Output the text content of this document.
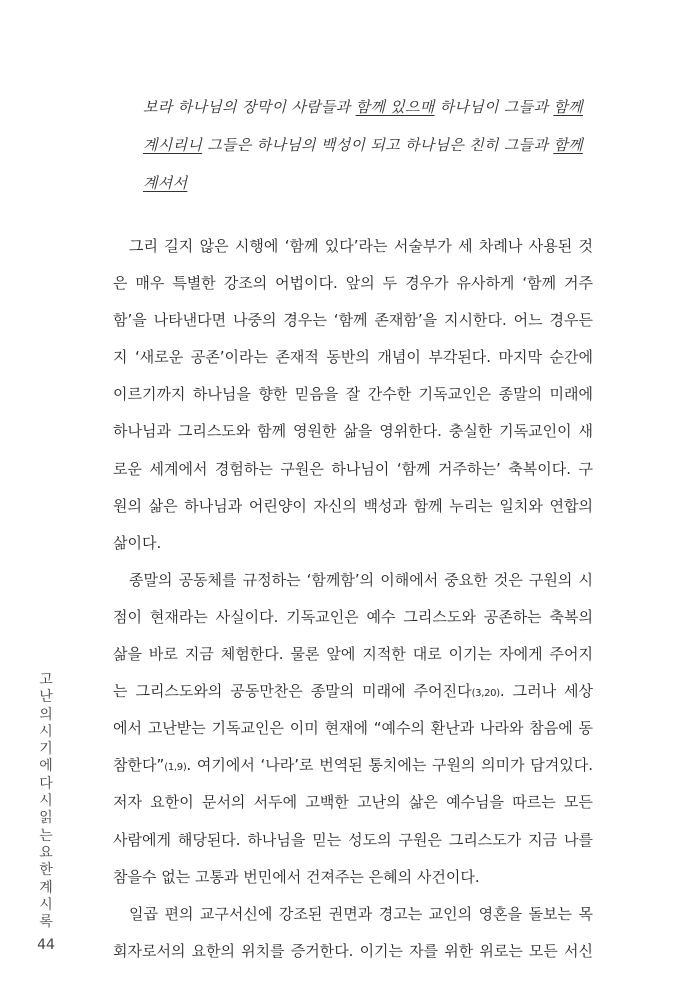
보라 하나님의 장막이 사람들과 함께 있으매 하나님이 그들과 함께
계시리니 그들은 하나님의 백성이 되고 하나님은 친히 그들과 함께
계셔서
그리 길지 않은 시행에 ‘함께 있다’라는 서술부가 세 차례나 사용된 것
은 매우 특별한 강조의 어법이다. 앞의 두 경우가 유사하게 ‘함께 거주
함’을 나타낸다면 나중의 경우는 ‘함께 존재함’을 지시한다. 어느 경우든
지 ‘새로운 공존’이라는 존재적 동반의 개념이 부각된다. 마지막 순간에
이르기까지 하나님을 향한 믿음을 잘 간수한 기독교인은 종말의 미래에
하나님과 그리스도와 함께 영원한 삶을 영위한다. 충실한 기독교인이 새
로운 세계에서 경험하는 구원은 하나님이 ‘함께 거주하는’ 축복이다. 구
원의 삶은 하나님과 어린양이 자신의 백성과 함께 누리는 일치와 연합의
삶이다.
종말의 공동체를 규정하는 ‘함께함’의 이해에서 중요한 것은 구원의 시
점이 현재라는 사실이다. 기독교인은 예수 그리스도와 공존하는 축복의
삶을 바로 지금 체험한다. 물론 앞에 지적한 대로 이기는 자에게 주어지
는 그리스도와의 공동만찬은 종말의 미래에 주어진다(3,20). 그러나 세상
에서 고난받는 기독교인은 이미 현재에 “예수의 환난과 나라와 참음에 동
참한다”(1,9). 여기에서 ‘나라’로 번역된 통치에는 구원의 의미가 담겨있다.
저자 요한이 문서의 서두에 고백한 고난의 삶은 예수님을 따르는 모든
사람에게 해당된다. 하나님을 믿는 성도의 구원은 그리스도가 지금 나를
참을수 없는 고통과 번민에서 건져주는 은혜의 사건이다.
일곱 편의 교구서신에 강조된 권면과 경고는 교인의 영혼을 돌보는 목
회자로서의 요한의 위치를 증거한다. 이기는 자를 위한 위로는 모든 서신
고난의 시기에 다시 읽는 요한계시록
44
